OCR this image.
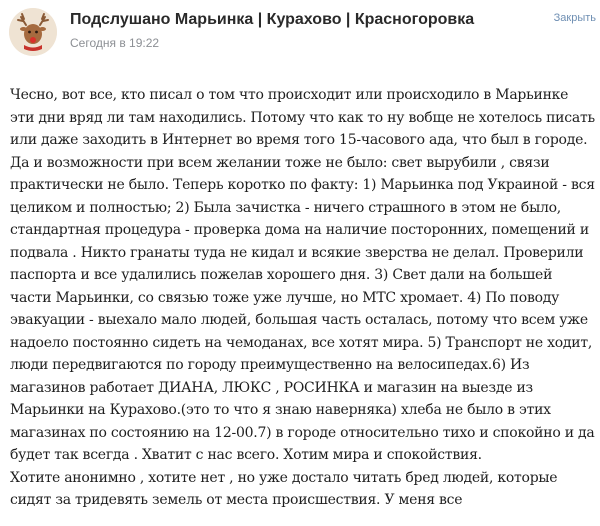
Подслушано Марьинка | Курахово | Красногоровка
Сегодня в 19:22
Закрыть

Чесно, вот все, кто писал о том что происходит или происходило в Марьинке эти дни вряд ли там находились. Потому что как то ну вобще не хотелось писать или даже заходить в Интернет во время того 15-часового ада, что был в городе. Да и возможности при всем желании тоже не было: свет вырубили , связи практически не было. Теперь коротко по факту: 1) Марьинка под Украиной - вся целиком и полностью; 2) Была зачистка - ничего страшного в этом не было, стандартная процедура - проверка дома на наличие посторонних, помещений и подвала . Никто гранаты туда не кидал и всякие зверства не делал. Проверили паспорта и все удалились пожелав хорошего дня. 3) Свет дали на большей части Марьинки, со связью тоже уже лучше, но МТС хромает. 4) По поводу эвакуации - выехало мало людей, большая часть осталась, потому что всем уже надоело постоянно сидеть на чемоданах, все хотят мира. 5) Транспорт не ходит, люди передвигаются по городу преимущественно на велосипедах.6) Из магазинов работает ДИАНА, ЛЮКС , РОСИНКА и магазин на выезде из Марьинки на Курахово.(это то что я знаю наверняка) хлеба не было в этих магазинах по состоянию на 12-00.7) в городе относительно тихо и спокойно и да будет так всегда . Хватит с нас всего. Хотим мира и спокойствия.

Хотите анонимно , хотите нет , но уже достало читать бред людей, которые сидят за тридевять земель от места происшествия. У меня все
